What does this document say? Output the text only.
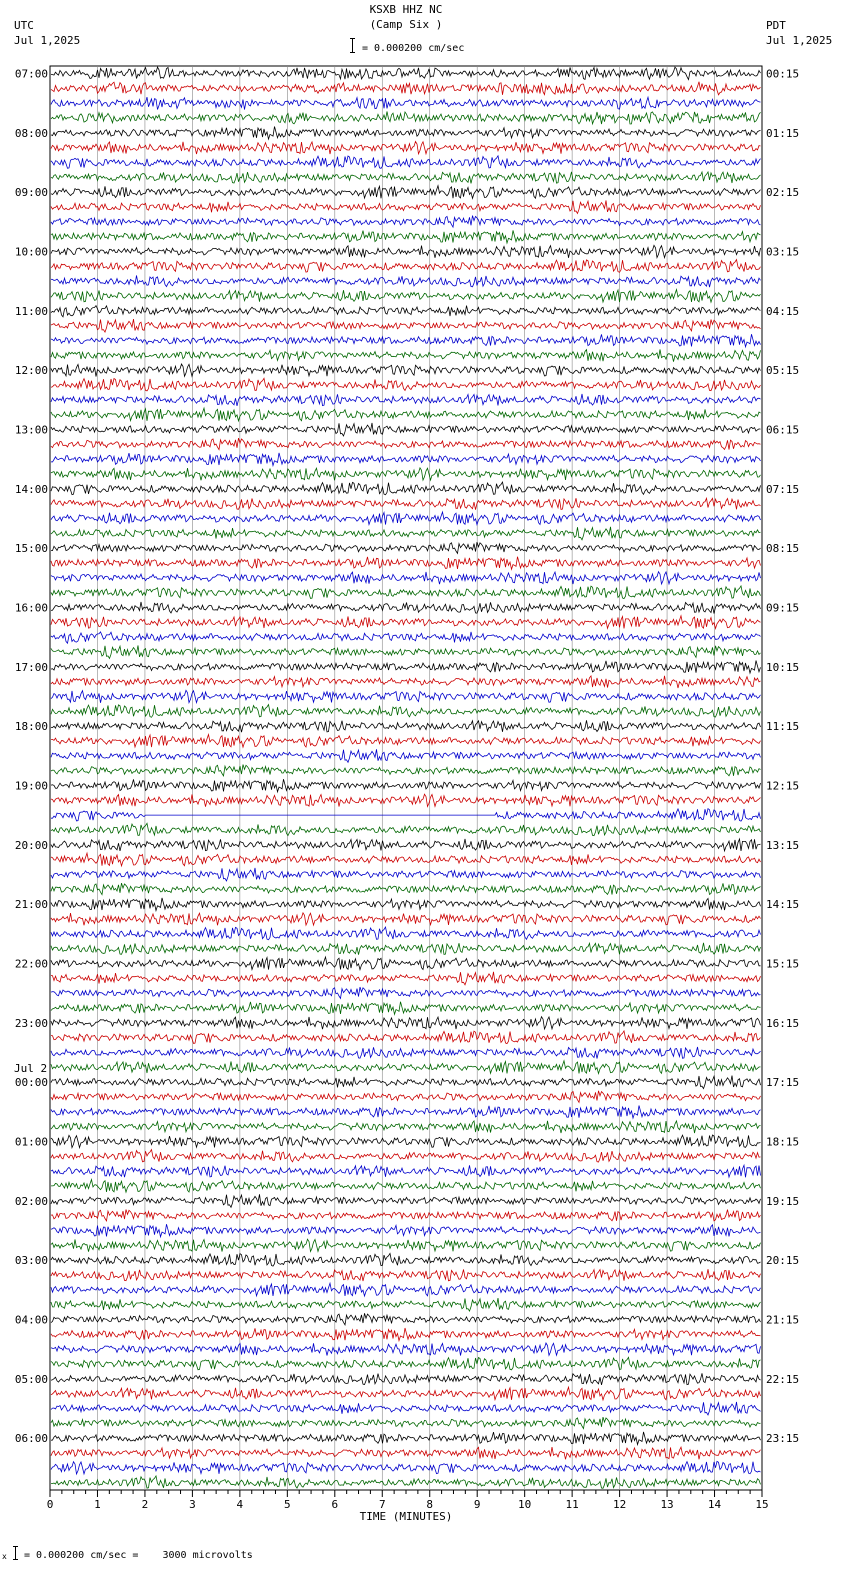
KSXB HHZ NC
(Camp Six )
UTC
Jul 1,2025
PDT
Jul 1,2025
= 0.000200 cm/sec
07:00	00:15
08:00	01:15
09:00	02:15
10:00	03:15
11:00	04:15
12:00	05:15
13:00	06:15
14:00	07:15
15:00	08:15
16:00	09:15
17:00	10:15
18:00	11:15
19:00	12:15
20:00	13:15
21:00	14:15
22:00	15:15
23:00	16:15
00:00	17:15
01:00	18:15
02:00	19:15
03:00	20:15
04:00	21:15
05:00	22:15
06:00	23:15
Jul 2
0	1	2	3	4	5	6	7	8	9	10	11	12	13	14	15
TIME (MINUTES)
x = 0.000200 cm/sec =    3000 microvolts
